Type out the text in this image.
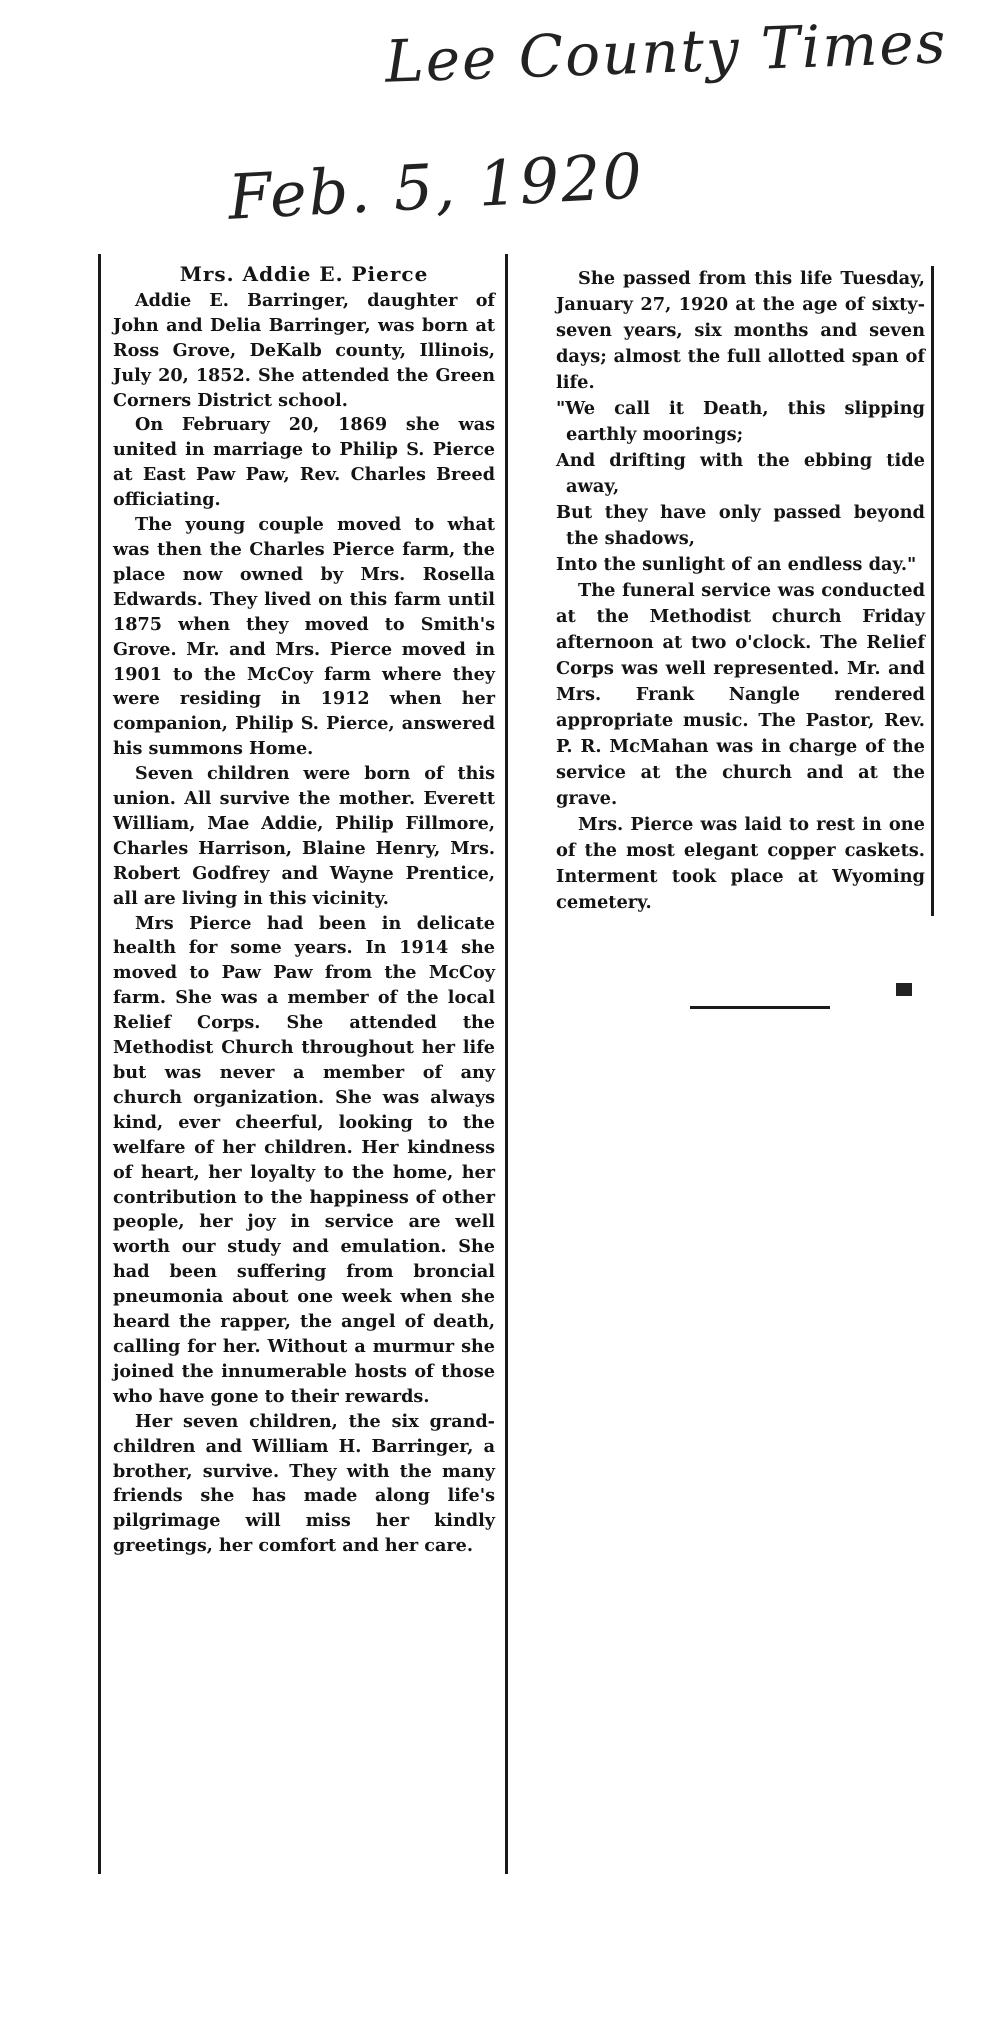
Lee County Times
Feb. 5, 1920
Mrs. Addie E. Pierce

Addie E. Barringer, daughter of John and Delia Barringer, was born at Ross Grove, DeKalb county, Illinois, July 20, 1852. She attended the Green Corners District school.

On February 20, 1869 she was united in marriage to Philip S. Pierce at East Paw Paw, Rev. Charles Breed officiating.

The young couple moved to what was then the Charles Pierce farm, the place now owned by Mrs. Rosella Edwards. They lived on this farm until 1875 when they moved to Smith's Grove. Mr. and Mrs. Pierce moved in 1901 to the McCoy farm where they were residing in 1912 when her companion, Philip S. Pierce, answered his summons Home.

Seven children were born of this union. All survive the mother. Everett William, Mae Addie, Philip Fillmore, Charles Harrison, Blaine Henry, Mrs. Robert Godfrey and Wayne Prentice, all are living in this vicinity.

Mrs Pierce had been in delicate health for some years. In 1914 she moved to Paw Paw from the McCoy farm. She was a member of the local Relief Corps. She attended the Methodist Church throughout her life but was never a member of any church organization. She was always kind, ever cheerful, looking to the welfare of her children. Her kindness of heart, her loyalty to the home, her contribution to the happiness of other people, her joy in service are well worth our study and emulation. She had been suffering from broncial pneumonia about one week when she heard the rapper, the angel of death, calling for her. Without a murmur she joined the innumerable hosts of those who have gone to their rewards.

Her seven children, the six grand-children and William H. Barringer, a brother, survive. They with the many friends she has made along life's pilgrimage will miss her kindly greetings, her comfort and her care.

She passed from this life Tuesday, January 27, 1920 at the age of sixty-seven years, six months and seven days; almost the full allotted span of life.

"We call it Death, this slipping earthly moorings;

And drifting with the ebbing tide away,

But they have only passed beyond the shadows,

Into the sunlight of an endless day."

The funeral service was conducted at the Methodist church Friday afternoon at two o'clock. The Relief Corps was well represented. Mr. and Mrs. Frank Nangle rendered appropriate music. The Pastor, Rev. P. R. McMahan was in charge of the service at the church and at the grave.

Mrs. Pierce was laid to rest in one of the most elegant copper caskets. Interment took place at Wyoming cemetery.
